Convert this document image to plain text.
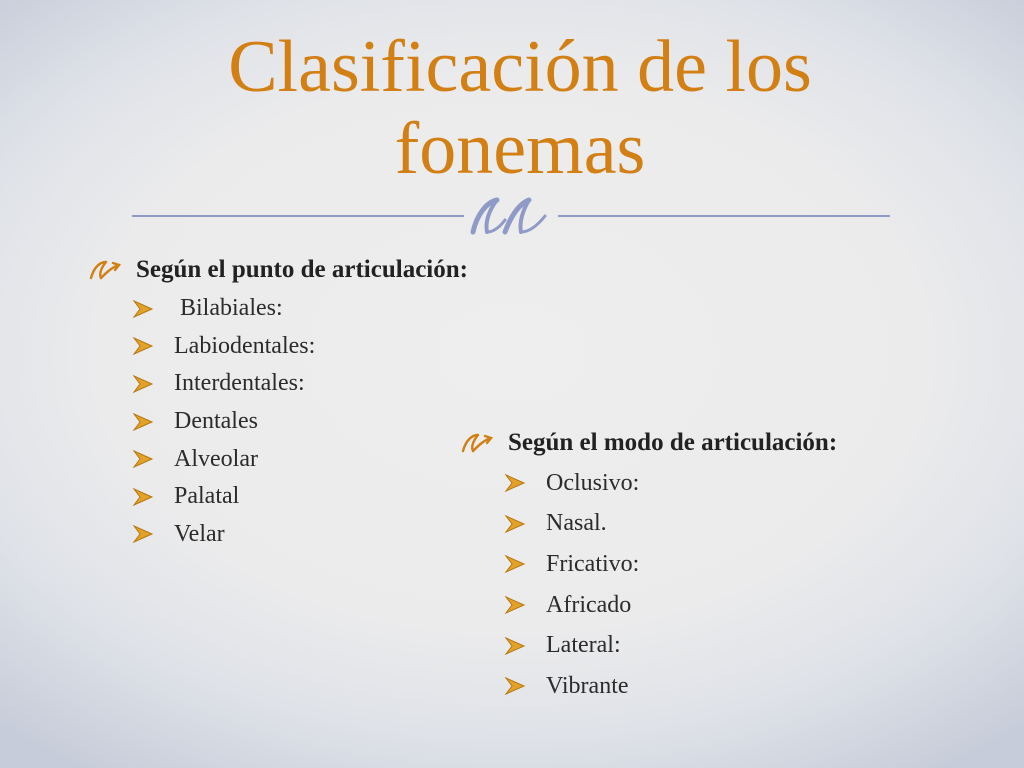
Clasificación de los fonemas
Según el punto de articulación:
Bilabiales:
Labiodentales:
Interdentales:
Dentales
Alveolar
Palatal
Velar
Según el modo de articulación:
Oclusivo:
Nasal.
Fricativo:
Africado
Lateral:
Vibrante
